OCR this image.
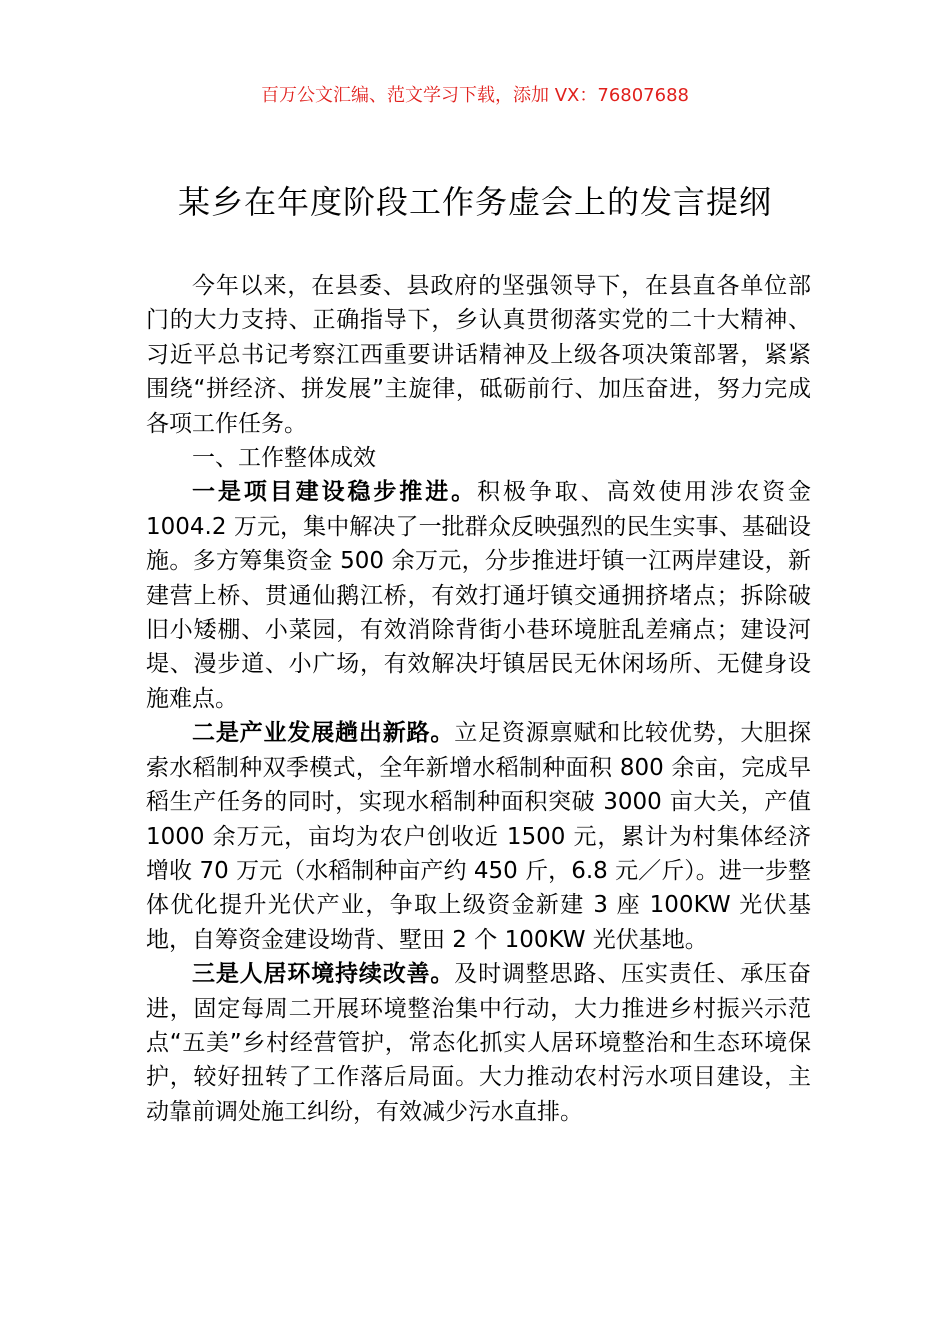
百万公文汇编、范文学习下载，添加 VX：76807688
某乡在年度阶段工作务虚会上的发言提纲

今年以来，在县委、县政府的坚强领导下，在县直各单位部门的大力支持、正确指导下，乡认真贯彻落实党的二十大精神、习近平总书记考察江西重要讲话精神及上级各项决策部署，紧紧围绕“拼经济、拼发展”主旋律，砥砺前行、加压奋进，努力完成各项工作任务。

一、工作整体成效

一是项目建设稳步推进。积极争取、高效使用涉农资金 1004.2 万元，集中解决了一批群众反映强烈的民生实事、基础设施。多方筹集资金 500 余万元，分步推进圩镇一江两岸建设，新建营上桥、贯通仙鹅江桥，有效打通圩镇交通拥挤堵点；拆除破旧小矮棚、小菜园，有效消除背街小巷环境脏乱差痛点；建设河堤、漫步道、小广场，有效解决圩镇居民无休闲场所、无健身设施难点。

二是产业发展趟出新路。立足资源禀赋和比较优势，大胆探索水稻制种双季模式，全年新增水稻制种面积 800 余亩，完成早稻生产任务的同时，实现水稻制种面积突破 3000 亩大关，产值 1000 余万元，亩均为农户创收近 1500 元，累计为村集体经济增收 70 万元（水稻制种亩产约 450 斤，6.8 元／斤）。进一步整体优化提升光伏产业，争取上级资金新建 3 座 100KW 光伏基地，自筹资金建设坳背、墅田 2 个 100KW 光伏基地。

三是人居环境持续改善。及时调整思路、压实责任、承压奋进，固定每周二开展环境整治集中行动，大力推进乡村振兴示范点“五美”乡村经营管护，常态化抓实人居环境整治和生态环境保护，较好扭转了工作落后局面。大力推动农村污水项目建设，主动靠前调处施工纠纷，有效减少污水直排。
